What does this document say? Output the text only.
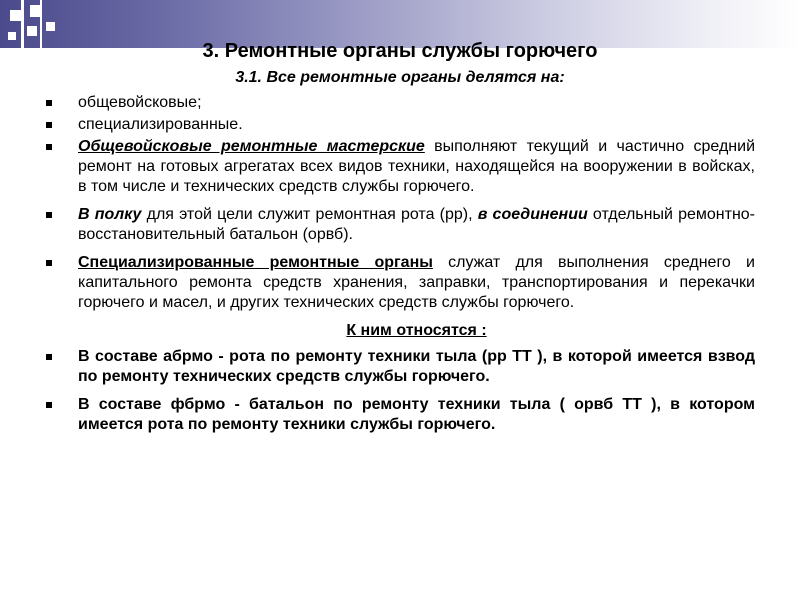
3. Ремонтные органы службы горючего
3.1. Все ремонтные органы делятся на:
общевойсковые;
специализированные.
Общевойсковые ремонтные мастерские выполняют текущий и частично средний ремонт на готовых агрегатах всех видов техники, находящейся на вооружении в войсках, в том числе и технических средств службы горючего.
В полку для этой цели служит ремонтная рота (рр), в соединении отдельный ремонтно-восстановительный батальон (орвб).
Специализированные ремонтные органы служат для выполнения среднего и капитального ремонта средств хранения, заправки, транспортирования и перекачки горючего и масел, и других технических средств службы горючего.
К ним относятся :
В составе абрмо - рота по ремонту техники тыла (рр ТТ ), в которой имеется взвод по ремонту технических средств службы горючего.
В составе фбрмо - батальон по ремонту техники тыла ( орвб ТТ ), в котором имеется рота по ремонту техники службы горючего.
